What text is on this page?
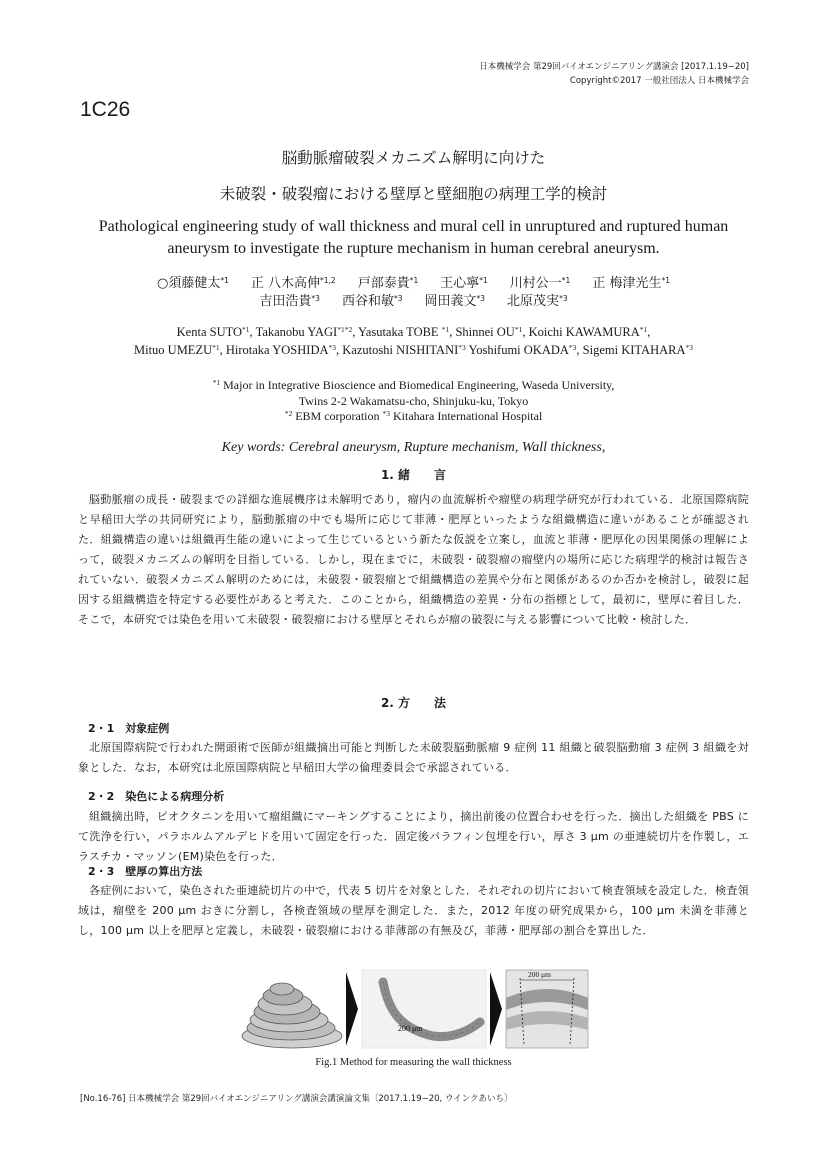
日本機械学会 第29回バイオエンジニアリング講演会 [2017.1.19−20]
Copyright©2017 一般社団法人 日本機械学会
1C26
脳動脈瘤破裂メカニズム解明に向けた
未破裂・破裂瘤における壁厚と壁細胞の病理工学的検討
Pathological engineering study of wall thickness and mural cell in unruptured and ruptured human aneurysm to investigate the rupture mechanism in human cerebral aneurysm.
○須藤健太$^{*1}$ 正 八木高伸$^{*1,2}$ 戸部泰貴$^{*1}$ 王心寧$^{*1}$ 川村公一$^{*1}$ 正 梅津光生$^{*1}$
吉田浩貴$^{*3}$ 西谷和敏$^{*3}$ 岡田義文$^{*3}$ 北原茂実$^{*3}$
Kenta SUTO$^{*1}$, Takanobu $YAGI^{*1*2}$, Yasutaka TOBE $^{*1}$, Shinnei OU$^{*1}$, Koichi KAWAMURA$^{*1}$,
Mituo UMEZU$^{*1}$, Hirotaka YOSHIDA$^{*3}$, Kazutoshi NISHITANI$^{*3}$ Yoshifumi OKADA$^{*3}$, Sigemi KITAHARA$^{*3}$
$^{*1}$ Major in Integrative Bioscience and Biomedical Engineering, Waseda University,
Twins 2-2 Wakamatsu-cho, Shinjuku-ku, Tokyo
$^{*2}$ EBM corporation $^{*3}$ Kitahara International Hospital
Key words: Cerebral aneurysm, Rupture mechanism, Wall thickness,
1. 緒　　言
脳動脈瘤の成長・破裂までの詳細な進展機序は未解明であり，瘤内の血流解析や瘤壁の病理学研究が行われている．北原国際病院と早稲田大学の共同研究により，脳動脈瘤の中でも場所に応じて菲薄・肥厚といったような組織構造に違いがあることが確認された．組織構造の違いは組織再生能の違いによって生じているという新たな仮説を立案し，血流と菲薄・肥厚化の因果関係の理解によって，破裂メカニズムの解明を目指している．しかし，現在までに，未破裂・破裂瘤の瘤壁内の場所に応じた病理学的検討は報告されていない．破裂メカニズム解明のためには，未破裂・破裂瘤とで組織構造の差異や分布と関係があるのか否かを検討し，破裂に起因する組織構造を特定する必要性があると考えた．このことから，組織構造の差異・分布の指標として，最初に，壁厚に着目した．そこで，本研究では染色を用いて未破裂・破裂瘤における壁厚とそれらが瘤の破裂に与える影響について比較・検討した．
2. 方　　法
2・1　対象症例
北原国際病院で行われた開頭術で医師が組織摘出可能と判断した未破裂脳動脈瘤 9 症例 11 組織と破裂脳動瘤 3 症例 3 組織を対象とした．なお，本研究は北原国際病院と早稲田大学の倫理委員会で承認されている．
2・2　染色による病理分析
組織摘出時，ピオクタニンを用いて瘤組織にマーキングすることにより，摘出前後の位置合わせを行った．摘出した組織を PBS にて洗浄を行い，パラホルムアルデヒドを用いて固定を行った．固定後パラフィン包埋を行い，厚さ 3 μm の亜連続切片を作製し，エラスチカ・マッソン(EM)染色を行った．
2・3　壁厚の算出方法
各症例において，染色された亜連続切片の中で，代表 5 切片を対象とした．それぞれの切片において検査領域を設定した．検査領域は，瘤壁を 200 μm おきに分割し，各検査領域の壁厚を測定した．また，2012 年度の研究成果から，100 μm 未満を菲薄とし，100 μm 以上を肥厚と定義し，未破裂・破裂瘤における菲薄部の有無及び，菲薄・肥厚部の割合を算出した．
200 μm
200 μm
Fig.1 Method for measuring the wall thickness
[No.16-76] 日本機械学会 第29回バイオエンジニアリング講演会講演論文集〔2017.1.19−20, ウインクあいち〕
